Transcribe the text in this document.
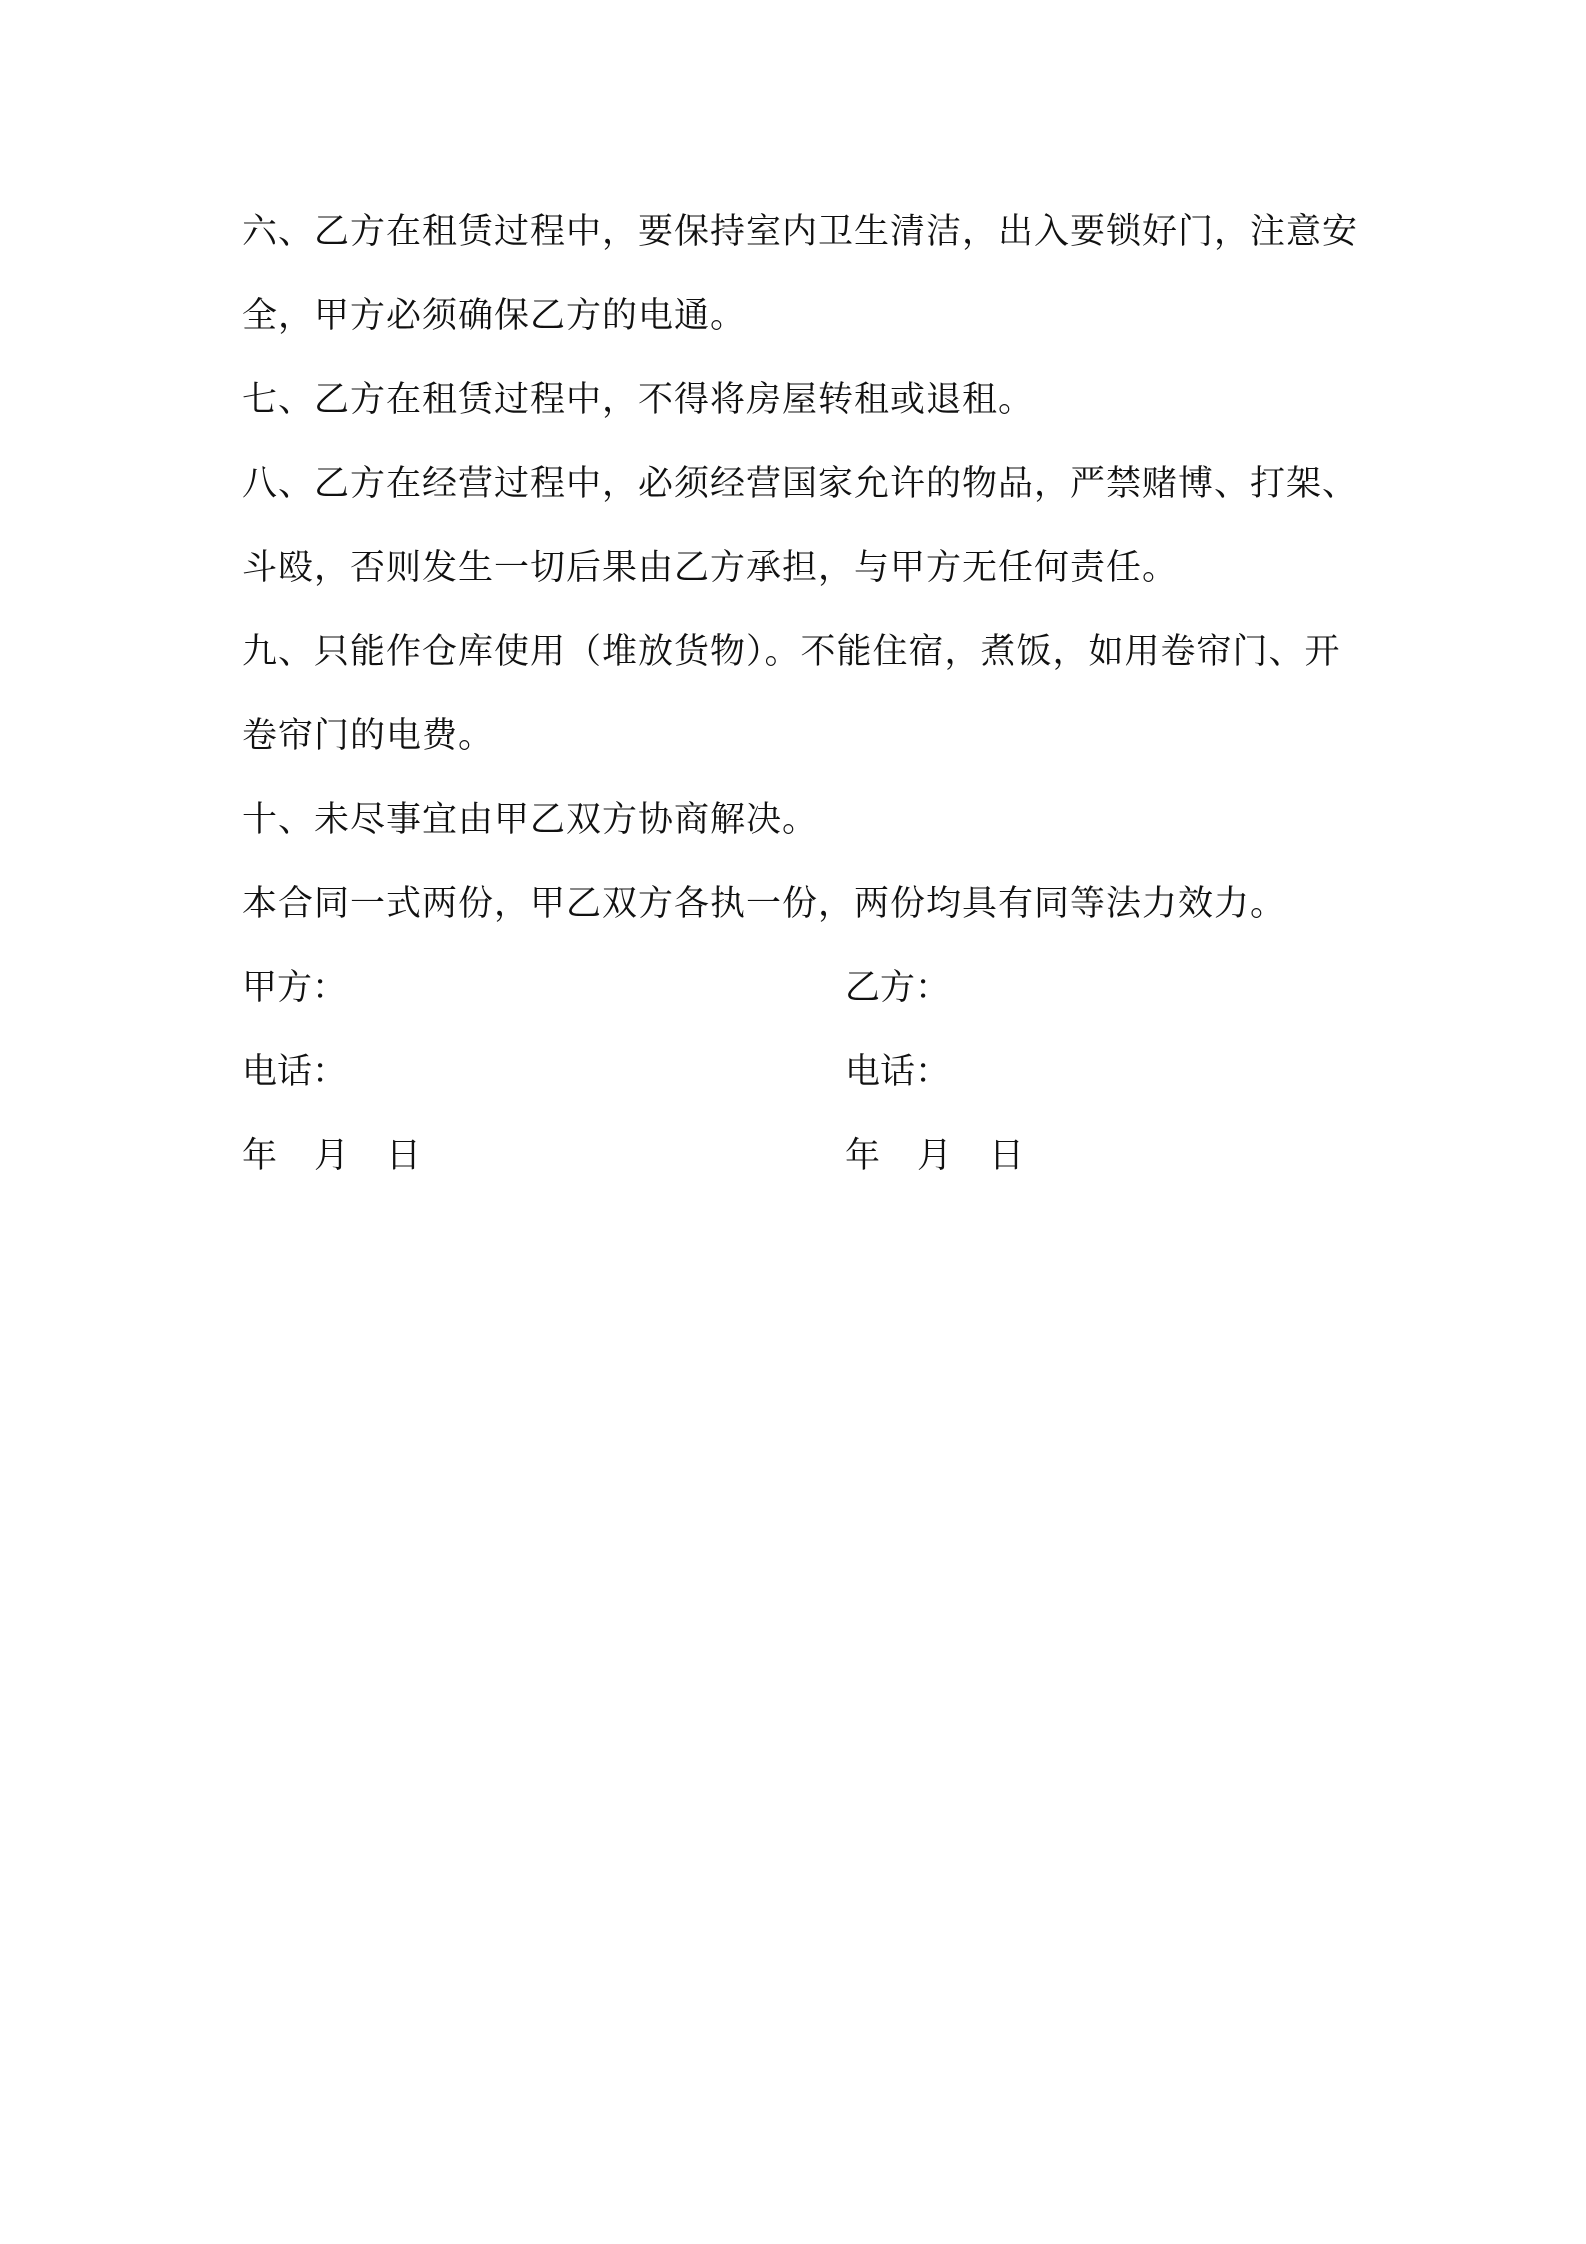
六、乙方在租赁过程中，要保持室内卫生清洁，出入要锁好门，注意安全，甲方必须确保乙方的电通。

七、乙方在租赁过程中，不得将房屋转租或退租。

八、乙方在经营过程中，必须经营国家允许的物品，严禁赌博、打架、斗殴，否则发生一切后果由乙方承担，与甲方无任何责任。

九、只能作仓库使用（堆放货物）。不能住宿，煮饭，如用卷帘门、开卷帘门的电费。

十、未尽事宜由甲乙双方协商解决。

本合同一式两份，甲乙双方各执一份，两份均具有同等法力效力。

甲方：	乙方：
电话：	电话：
年 月 日	年 月 日
